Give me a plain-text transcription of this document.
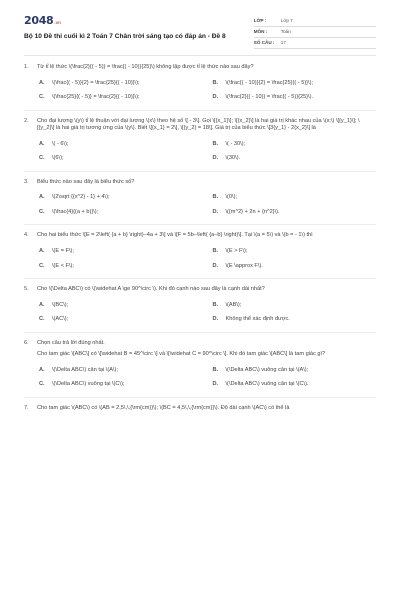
2048 .vn
Bộ 10 Đề thi cuối kì 2 Toán 7 Chân trời sáng tạo có đáp án - Đề 8
LỚP :	Lớp 7
MÔN :	Toán
SỐ CÂU :	17
1.	Từ tỉ lệ thức \(\frac{2}{( - 5)} = \frac{( - 10)}{25}\) không lập được tỉ lệ thức nào sau đây?

A.	\(\frac{( - 5)}{2} = \frac{25}{( - 10)}\);	B.	\(\frac{( - 10)}{2} = \frac{25}{( - 5)}\);
C.	\(\frac{25}{( - 5)} = \frac{2}{( - 10)}\);	D.	\(\frac{2}{( - 10)} = \frac{( - 5)}{25}\).
2.	Cho đại lượng \(y\) tỉ lệ thuận với đại lượng \(x\) theo hệ số \[ - 3\]. Gọi \[{x_1}\]; \[{x_2}\] là hai giá trị khác nhau của \(x;\) \[{y_1}\]; \[{y_2}\] là hai giá trị tương ứng của \(y\). Biết \[{x_1} = 2\], \[{y_2} = 18\]. Giá trị của biểu thức \[3{y_1} - 2{x_2}\] là

A.	\( - 6\);	B.	\( - 30\);
C.	\(6\);	D.	\(30\).
3.	Biểu thức nào sau đây là biểu thức số?

A.	\(2\sqrt {{x^2} - 1} + 4\);	B.	\(0\);
C.	\(\frac{4}{(a + b)}\);	D.	\({m^2} + 2n + {n^2}\).
4.	Cho hai biểu thức \[E = 2\left( {a + b} \right)–4a + 3\] và \[F = 5b–\left( {a–b} \right)\]. Tại \(a = 5\) và \(b = - 1\) thì

A.	\(E = F\);	B.	\(E > F\);
C.	\(E < F\);	D.	\(E \approx F\).
5.	Cho \(\Delta ABC\) có \(\widehat A \ge 90^\circ \). Khi đó cạnh nào sau đây là cạnh dài nhất?

A.	\(BC\);	B.	\(AB\);
C.	\(AC\);	D.	Không thể xác định được.
6.	Chọn câu trả lời đúng nhất.

Cho tam giác \[ABC\] có \[\widehat B = 45^\circ \] và \[\widehat C = 90^\circ \]. Khi đó tam giác \[ABC\] là tam giác gì?

A.	\(\Delta ABC\) cân tại \(A\);	B.	\(\Delta ABC\) vuông cân tại \(A\);
C.	\(\Delta ABC\) vuông tại \(C\);	D.	\(\Delta ABC\) vuông cân tại \(C\).
7.	Cho tam giác \(ABC\) có \(AB = 2,5\,\,{\rm{cm}}\); \(BC = 4,5\,\,{\rm{cm}}\). Độ dài cạnh \(AC\) có thể là
